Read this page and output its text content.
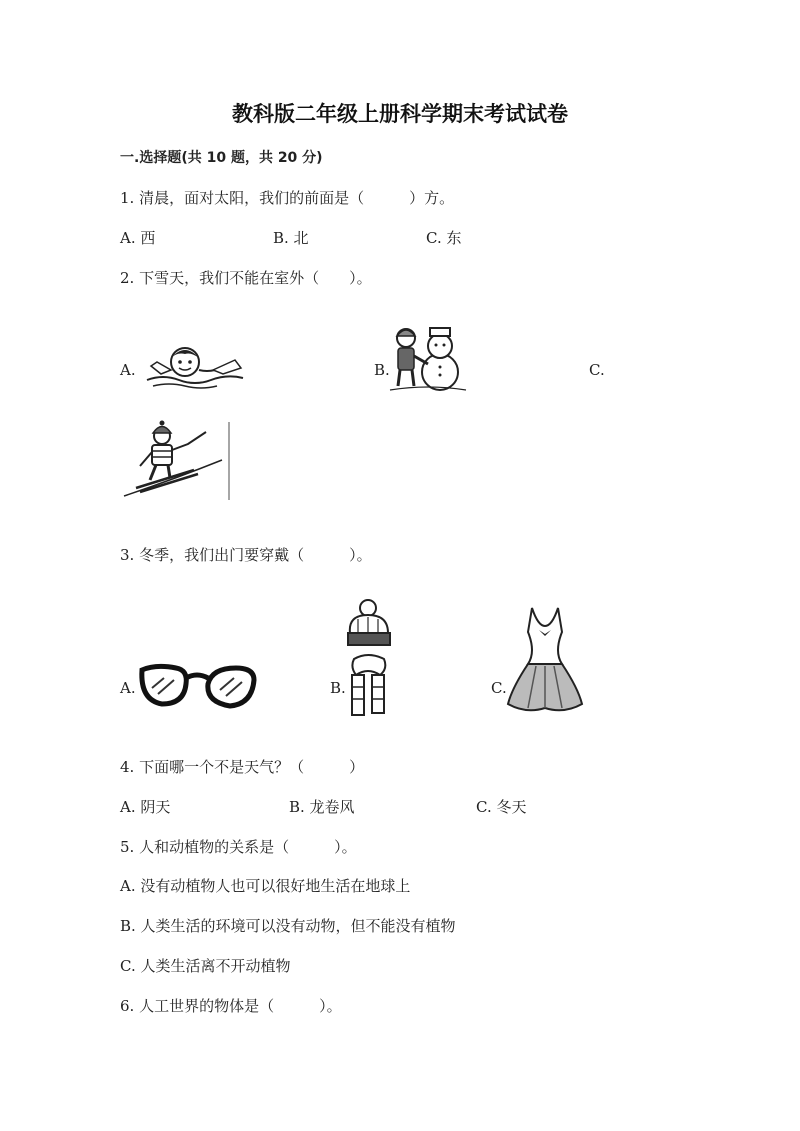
教科版二年级上册科学期末考试试卷
一.选择题(共 10 题，共 20 分)
1. 清晨，面对太阳，我们的前面是（　　　）方。
A. 西	B. 北	C. 东
2. 下雪天，我们不能在室外（　　）。
A.	B.	C.
3. 冬季，我们出门要穿戴（　　　）。
A.	B.	C.
4. 下面哪一个不是天气？（　　　）
A. 阴天	B. 龙卷风	C. 冬天
5. 人和动植物的关系是（　　　）。
A. 没有动植物人也可以很好地生活在地球上
B. 人类生活的环境可以没有动物，但不能没有植物
C. 人类生活离不开动植物
6. 人工世界的物体是（　　　）。
